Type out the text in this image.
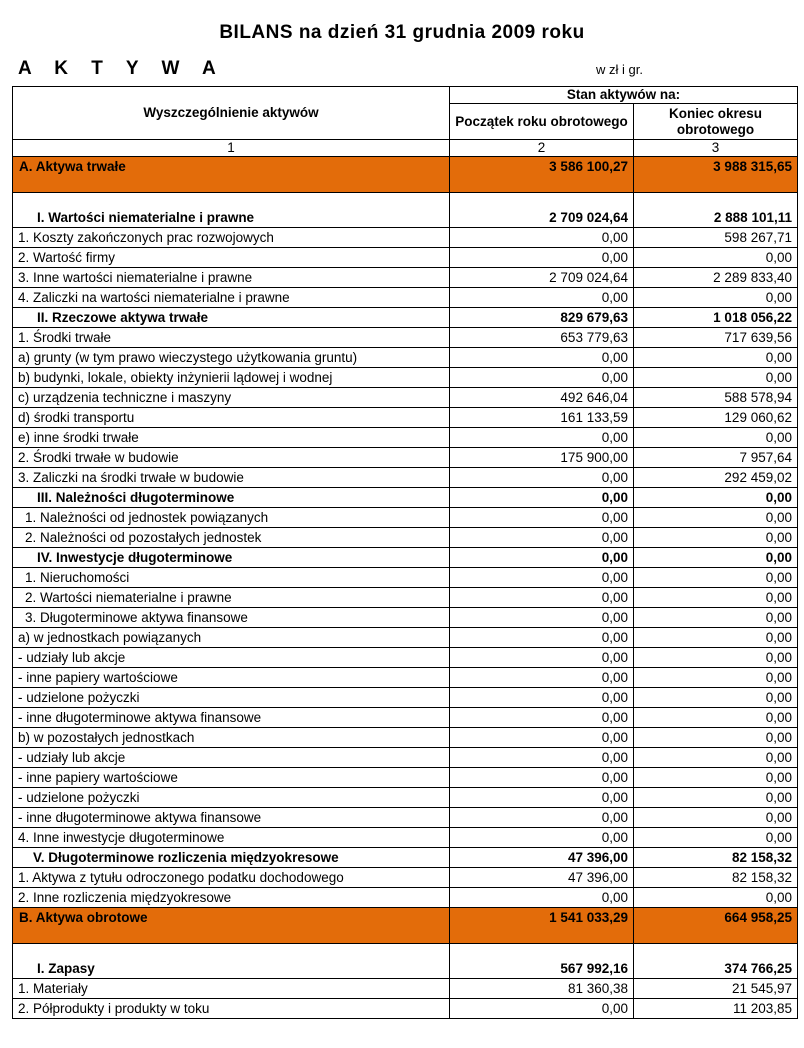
BILANS na dzień 31 grudnia 2009 roku
A K T Y W A	w zł i gr.
Wyszczególnienie aktywów	Stan aktywów na:	
	Początek roku obrotowego	Koniec okresu obrotowego
1	2	3
A. Aktywa trwałe	3 586 100,27	3 988 315,65
I. Wartości niematerialne i prawne	2 709 024,64	2 888 101,11
1. Koszty zakończonych prac rozwojowych	0,00	598 267,71
2. Wartość firmy	0,00	0,00
3. Inne wartości niematerialne i prawne	2 709 024,64	2 289 833,40
4. Zaliczki na wartości niematerialne i prawne	0,00	0,00
II. Rzeczowe aktywa trwałe	829 679,63	1 018 056,22
1. Środki trwałe	653 779,63	717 639,56
a) grunty (w tym prawo wieczystego użytkowania gruntu)	0,00	0,00
b) budynki, lokale, obiekty inżynierii lądowej i wodnej	0,00	0,00
c) urządzenia techniczne i maszyny	492 646,04	588 578,94
d) środki transportu	161 133,59	129 060,62
e) inne środki trwałe	0,00	0,00
2. Środki trwałe w budowie	175 900,00	7 957,64
3. Zaliczki na środki trwałe w budowie	0,00	292 459,02
III. Należności długoterminowe	0,00	0,00
1. Należności od jednostek powiązanych	0,00	0,00
2. Należności od pozostałych jednostek	0,00	0,00
IV. Inwestycje długoterminowe	0,00	0,00
1. Nieruchomości	0,00	0,00
2. Wartości niematerialne i prawne	0,00	0,00
3. Długoterminowe aktywa finansowe	0,00	0,00
a) w jednostkach powiązanych	0,00	0,00
- udziały lub akcje	0,00	0,00
- inne papiery wartościowe	0,00	0,00
- udzielone pożyczki	0,00	0,00
- inne długoterminowe aktywa finansowe	0,00	0,00
b) w pozostałych jednostkach	0,00	0,00
- udziały lub akcje	0,00	0,00
- inne papiery wartościowe	0,00	0,00
- udzielone pożyczki	0,00	0,00
- inne długoterminowe aktywa finansowe	0,00	0,00
4. Inne inwestycje długoterminowe	0,00	0,00
V. Długoterminowe rozliczenia międzyokresowe	47 396,00	82 158,32
1. Aktywa z tytułu odroczonego podatku dochodowego	47 396,00	82 158,32
2. Inne rozliczenia międzyokresowe	0,00	0,00
B. Aktywa obrotowe	1 541 033,29	664 958,25
I. Zapasy	567 992,16	374 766,25
1. Materiały	81 360,38	21 545,97
2. Półprodukty i produkty w toku	0,00	11 203,85
